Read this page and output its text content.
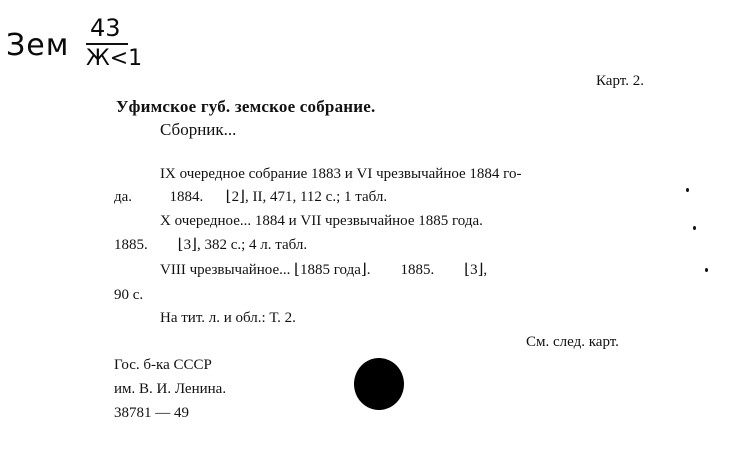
Зем 43
Ж<1
Карт. 2.
Уфимское губ. земское собрание.
Сборник...
IX очередное собрание 1883 и VI чрезвычайное 1884 го-
да.          1884.      ⌊2⌋, II, 471, 112 с.; 1 табл.
X очередное... 1884 и VII чрезвычайное 1885 года.
1885.        ⌊3⌋, 382 с.; 4 л. табл.
VIII чрезвычайное... ⌊1885 года⌋.        1885.        ⌊3⌋,
90 с.
На тит. л. и обл.: Т. 2.
См. след. карт.
Гос. б-ка СССР
им. В. И. Ленина.
38781 — 49
